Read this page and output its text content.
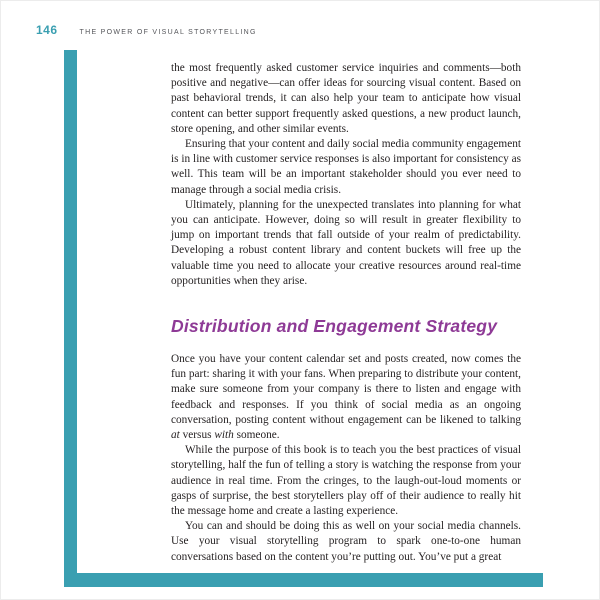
146	THE POWER OF VISUAL STORYTELLING

the most frequently asked customer service inquiries and comments—both positive and negative—can offer ideas for sourcing visual content. Based on past behavioral trends, it can also help your team to anticipate how visual content can better support frequently asked questions, a new product launch, store opening, and other similar events.

Ensuring that your content and daily social media community engagement is in line with customer service responses is also important for consistency as well. This team will be an important stakeholder should you ever need to manage through a social media crisis.

Ultimately, planning for the unexpected translates into planning for what you can anticipate. However, doing so will result in greater flexibility to jump on important trends that fall outside of your realm of predictability. Developing a robust content library and content buckets will free up the valuable time you need to allocate your creative resources around real-time opportunities when they arise.

Distribution and Engagement Strategy

Once you have your content calendar set and posts created, now comes the fun part: sharing it with your fans. When preparing to distribute your content, make sure someone from your company is there to listen and engage with feedback and responses. If you think of social media as an ongoing conversation, posting content without engagement can be likened to talking at versus with someone.

While the purpose of this book is to teach you the best practices of visual storytelling, half the fun of telling a story is watching the response from your audience in real time. From the cringes, to the laugh-out-loud moments or gasps of surprise, the best storytellers play off of their audience to really hit the message home and create a lasting experience.

You can and should be doing this as well on your social media channels. Use your visual storytelling program to spark one-to-one human conversations based on the content you’re putting out. You’ve put a great
